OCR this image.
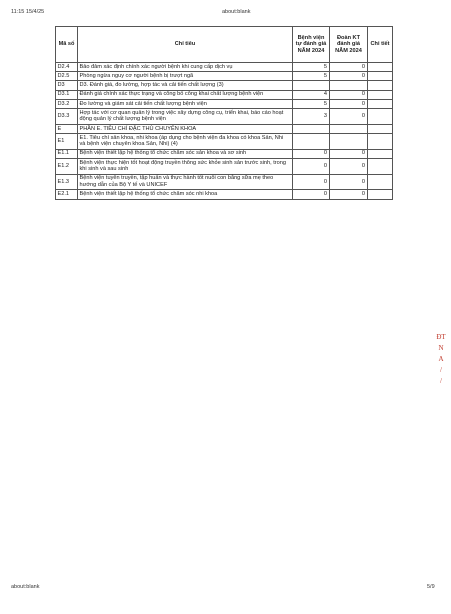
11:15 15/4/25	about:blank
Mã số	Chỉ tiêu	Bệnh viện tự đánh giá NĂM 2024	Đoàn KT đánh giá NĂM 2024	Chi tiết
D2.4	Bảo đảm xác định chính xác người bệnh khi cung cấp dịch vụ	5	0	
D2.5	Phòng ngừa nguy cơ người bệnh bị trượt ngã	5	0	
D3	D3. Đánh giá, đo lường, hợp tác và cải tiến chất lượng (3)			
D3.1	Đánh giá chính xác thực trạng và công bố công khai chất lượng bệnh viện	4	0	
D3.2	Đo lường và giám sát cải tiến chất lượng bệnh viện	5	0	
D3.3	Hợp tác với cơ quan quản lý trong việc xây dựng công cụ, triển khai, báo cáo hoạt động quản lý chất lượng bệnh viện	3	0	
E	PHẦN E. TIÊU CHÍ ĐẶC THÙ CHUYÊN KHOA			
E1	E1. Tiêu chí sản khoa, nhi khoa (áp dụng cho bệnh viện đa khoa có khoa Sản, Nhi và bệnh viện chuyên khoa Sản, Nhi) (4)			
E1.1	Bệnh viện thiết lập hệ thống tổ chức chăm sóc sản khoa và sơ sinh	0	0	
E1.2	Bệnh viện thực hiện tốt hoạt động truyền thông sức khỏe sinh sản trước sinh, trong khi sinh và sau sinh	0	0	
E1.3	Bệnh viện tuyên truyền, tập huấn và thực hành tốt nuôi con bằng sữa mẹ theo hướng dẫn của Bộ Y tế và UNICEF	0	0	
E2.1	Bệnh viện thiết lập hệ thống tổ chức chăm sóc nhi khoa	0	0	
ĐT
N
A
/
/
about:blank	5/9
